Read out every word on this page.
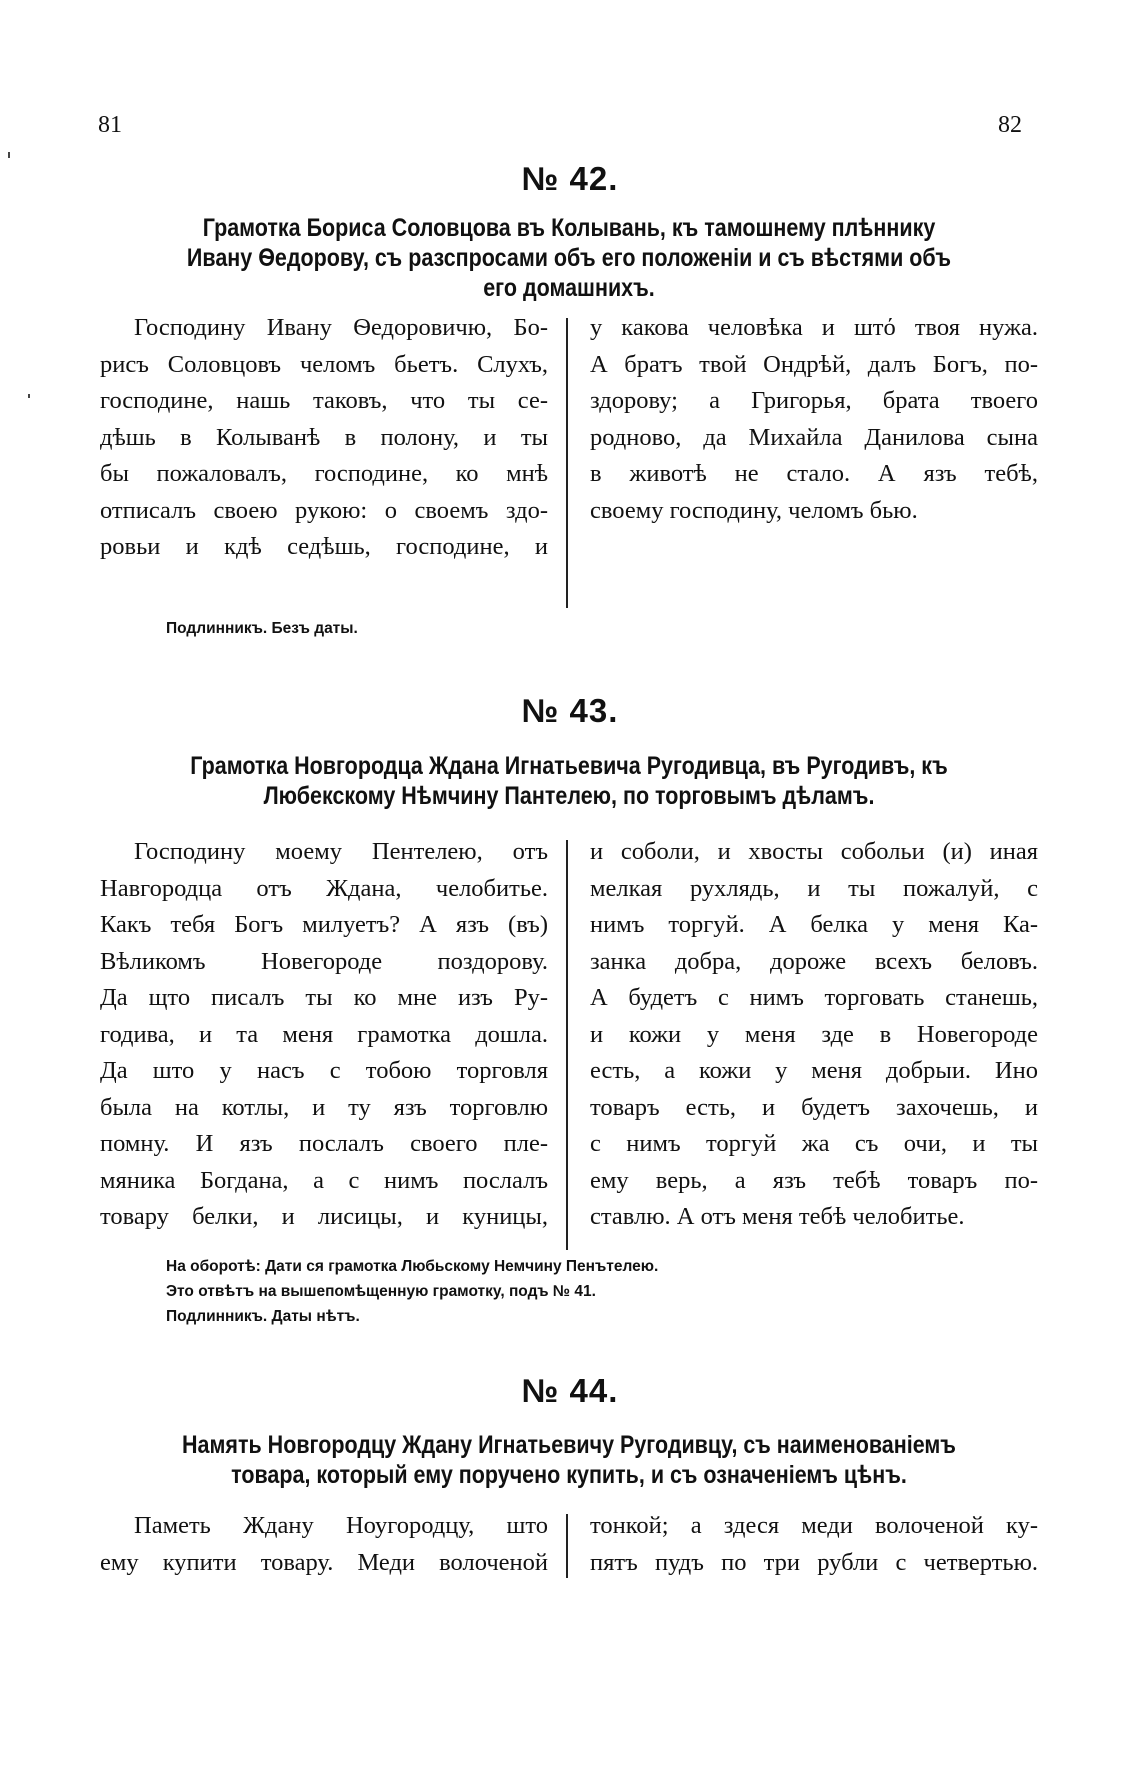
81	82
№ 42.
Грамотка Бориса Соловцова въ Колывань, къ тамошнему плѣннику
Ивану Ѳедорову, съ разспросами объ его положенiи и съ вѣстями объ
его домашнихъ.
Господину Ивану Ѳедоровичю, Бо-
рисъ Соловцовъ челомъ бьетъ. Слухъ,
господине, нашь таковъ, что ты се-
дѣшь в Колыванѣ в полону, и ты
бы пожаловалъ, господине, ко мнѣ
отписалъ своею рукою: о своемъ здо-
ровьи и кдѣ седѣшь, господине, и
у какова человѣка и штό твоя нужа.
А братъ твой Ондрѣй, далъ Богъ, по-
здорову; а Григорья, брата твоего
родново, да Михайла Данилова сына
в животѣ не стало. А язъ тебѣ,
своему господину, челомъ бью.
Подлинникъ. Безъ даты.
№ 43.
Грамотка Новгородца Ждана Игнатьевича Ругодивца, въ Ругодивъ, къ
Любекскому Нѣмчину Пантелею, по торговымъ дѣламъ.
Господину моему Пентелею, отъ
Навгородца отъ Ждана, челобитье.
Какъ тебя Богъ милуетъ? А язъ (въ)
Вѣликомъ Новегороде поздорову.
Да щто писалъ ты ко мне изъ Ру-
годива, и та меня грамотка дошла.
Да што у насъ с тобою торговля
была на котлы, и ту язъ торговлю
помну. И язъ послалъ своего пле-
мяника Богдана, а с нимъ послалъ
товару белки, и лисицы, и куницы,
и соболи, и хвосты собольи (и) иная
мелкая рухлядь, и ты пожалуй, с
нимъ торгуй. А белка у меня Ка-
занка добра, дороже всехъ беловъ.
А будетъ с нимъ торговать станешь,
и кожи у меня зде в Новегороде
есть, а кожи у меня добрыи. Ино
товаръ есть, и будетъ захочешь, и
с нимъ торгуй жа съ очи, и ты
ему верь, а язъ тебѣ товаръ по-
ставлю. А отъ меня тебѣ челобитье.
На оборотѣ: Дати ся грамотка Любьскому Немчину Пенътелею.
Это отвѣтъ на вышепомѣщенную грамотку, подъ № 41.
Подлинникъ. Даты нѣтъ.
№ 44.
Намять Новгородцу Ждану Игнатьевичу Ругодивцу, съ наименованiемъ
товара, который ему поручено купить, и съ означенiемъ цѣнъ.
Паметь Ждану Ноугородцу, што
ему купити товару. Меди волоченой
тонкой; а здеся меди волоченой ку-
пятъ пудъ по три рубли с четвертью.
